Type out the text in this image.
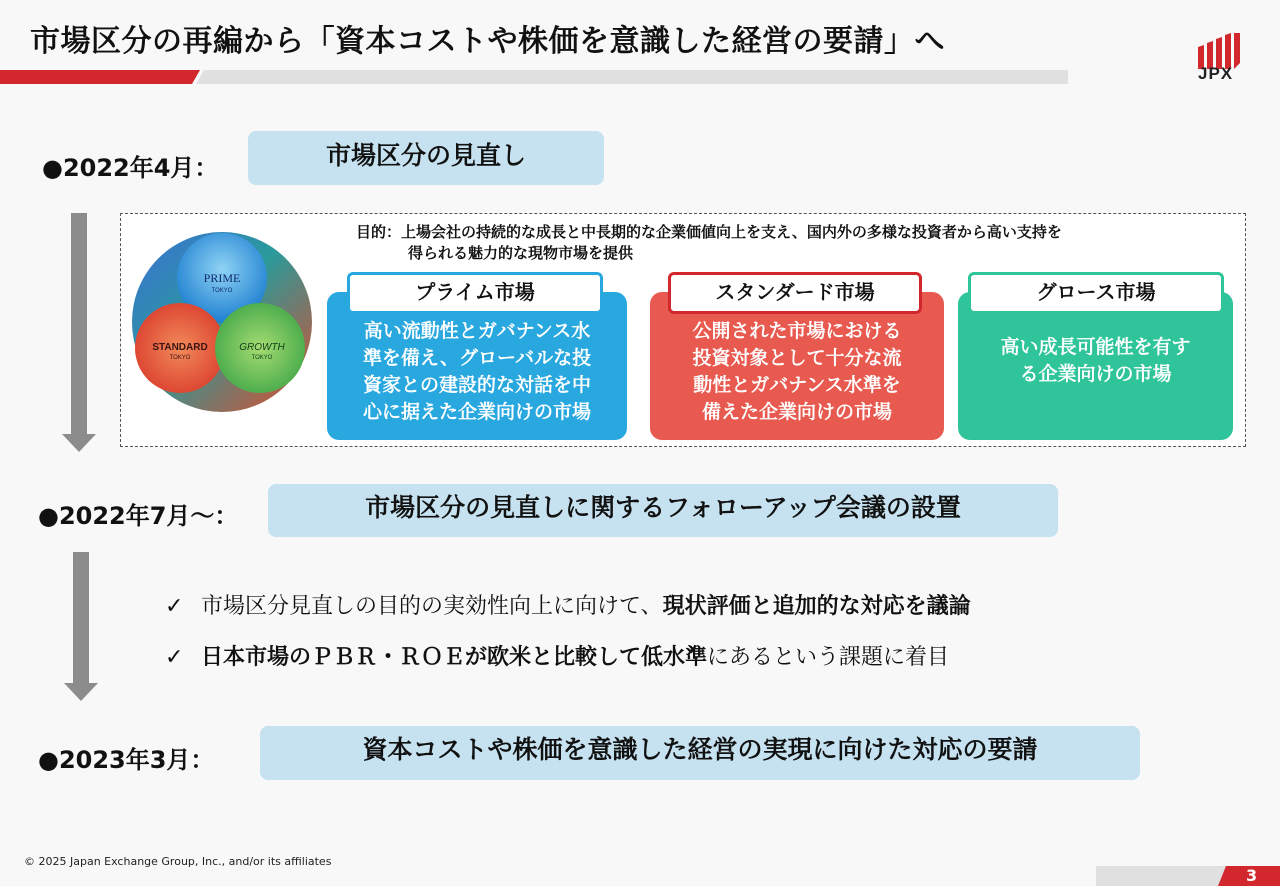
市場区分の再編から「資本コストや株価を意識した経営の要請」へ
JPX
●2022年4月：	市場区分の見直し
目的：上場会社の持続的な成長と中長期的な企業価値向上を支え、国内外の多様な投資者から高い支持を
得られる魅力的な現物市場を提供
PRIME
TOKYO
STANDARD
TOKYO
GROWTH
TOKYO
高い流動性とガバナンス水
準を備え、グローバルな投
資家との建設的な対話を中
心に据えた企業向けの市場
プライム市場
公開された市場における
投資対象として十分な流
動性とガバナンス水準を
備えた企業向けの市場
スタンダード市場
高い成長可能性を有す
る企業向けの市場
グロース市場
●2022年7月～：	市場区分の見直しに関するフォローアップ会議の設置
✓ 市場区分見直しの目的の実効性向上に向けて、現状評価と追加的な対応を議論
✓ 日本市場のＰＢＲ・ＲＯＥが欧米と比較して低水準にあるという課題に着目
●2023年3月：	資本コストや株価を意識した経営の実現に向けた対応の要請
© 2025 Japan Exchange Group, Inc., and/or its affiliates
3
